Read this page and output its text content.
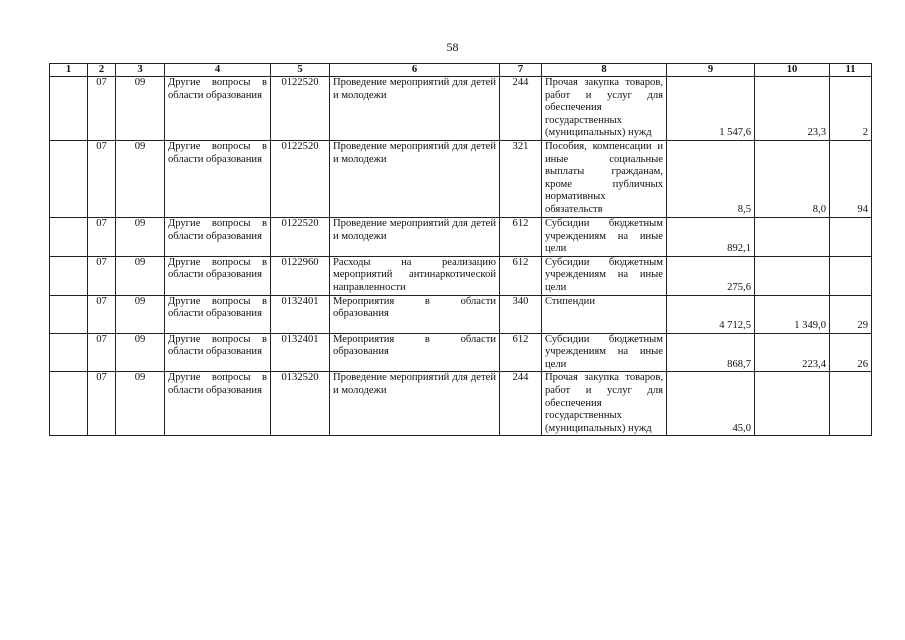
58
1	2	3	4	5	6	7	8	9	10	11
	07	09	Другие вопросы в области образования	0122520	Проведение мероприятий для детей и молодежи	244	Прочая закупка товаров, работ и услуг для обеспечения государственных (муниципальных) нужд	1 547,6	23,3	2
	07	09	Другие вопросы в области образования	0122520	Проведение мероприятий для детей и молодежи	321	Пособия, компенсации и иные социальные выплаты гражданам, кроме публичных нормативных обязательств	8,5	8,0	94
	07	09	Другие вопросы в области образования	0122520	Проведение мероприятий для детей и молодежи	612	Субсидии бюджетным учреждениям на иные цели	892,1		
	07	09	Другие вопросы в области образования	0122960	Расходы на реализацию мероприятий антинаркотической направленности	612	Субсидии бюджетным учреждениям на иные цели	275,6		
	07	09	Другие вопросы в области образования	0132401	Мероприятия в области образования	340	Стипендии	4 712,5	1 349,0	29
	07	09	Другие вопросы в области образования	0132401	Мероприятия в области образования	612	Субсидии бюджетным учреждениям на иные цели	868,7	223,4	26
	07	09	Другие вопросы в области образования	0132520	Проведение мероприятий для детей и молодежи	244	Прочая закупка товаров, работ и услуг для обеспечения государственных (муниципальных) нужд	45,0		
